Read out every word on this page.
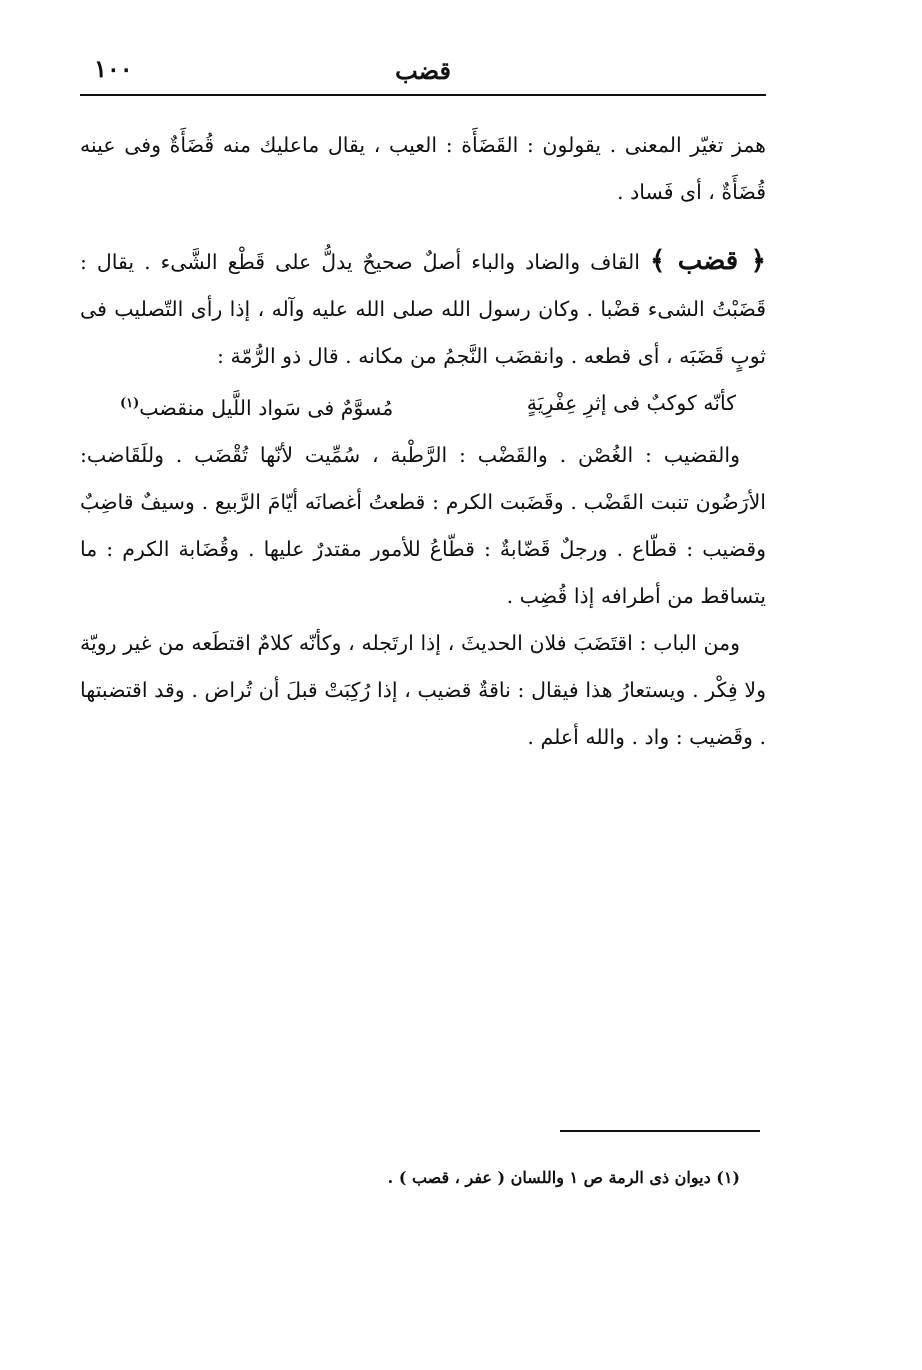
١٠٠	قضب

همز تغيّر المعنى . يقولون : القَضَأَة : العيب ، يقال ماعليك منه قُضَأَةٌ وفى عينه قُضَأَةٌ ، أى فَساد .

﴿ قضب ﴾ القاف والضاد والباء أصلٌ صحيحٌ يدلُّ على قَطْع الشَّىء . يقال : قَضَبْتُ الشىء قضْبا . وكان رسول الله صلى الله عليه وآله ، إذا رأى التّصليب فى ثوبٍ قَضَبَه ، أى قطعه . وانقضَب النَّجمُ من مكانه . قال ذو الرُّمّة :

كأنّه كوكبٌ فى إثرِ عِفْرِيَةٍ
مُسوَّمٌ فى سَواد اللَّيل منقضب$^{(١)}$

والقضيب : الغُصْن . والقَضْب : الرَّطْبة ، سُمِّيت لأنّها تُقْضَب . وللَقَاضب: الأرَضُون تنبت القَضْب . وقَضَبت الكرم : قطعتُ أغصانَه أيّامَ الرَّبيع . وسيفٌ قاضِبٌ وقضيب : قطّاع . ورجلٌ قَضّابةٌ : قطّاعُ للأمور مقتدرٌ عليها . وقُضَابة الكرم : ما يتساقط من أطرافه إذا قُضِب .

ومن الباب : اقتَضَبَ فلان الحديثَ ، إذا ارتَجله ، وكأنّه كلامٌ اقتطَعه من غير رويّة ولا فِكْر . ويستعارُ هذا فيقال : ناقةٌ قضيب ، إذا رُكِبَتْ قبلَ أن تُراض . وقد اقتضبتها . وقَضيب : واد . والله أعلم .

(١) ديوان ذى الرمة ص ١ واللسان ( عفر ، قصب ) .
